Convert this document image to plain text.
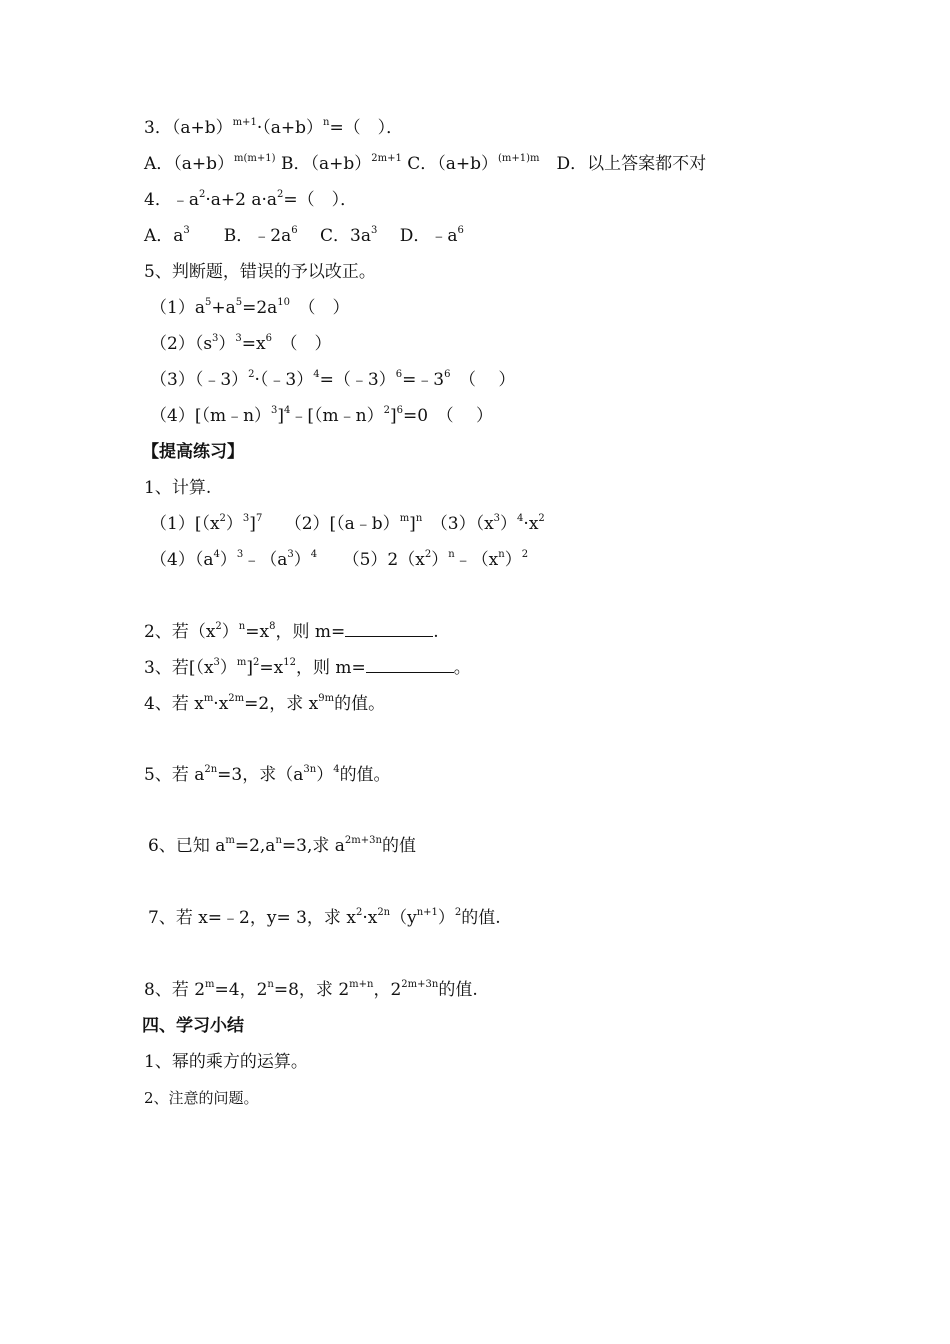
3．$(a+b)^{m+1}\cdot(a+b)^n=$（　）．
A．$(a+b)^{m(m+1)}$ B．$(a+b)^{2m+1}$ C．$(a+b)^{(m+1)m}$　D．以上答案都不对
4．$﹣a^2\cdot a+2$ $a\cdot a^2=$（　）．
A．$a^3$　　B．$﹣2a^6$　 C．$3a^3$　 D．$﹣a^6$
5、判断题，错误的予以改正。
$(1)a^5+a^5=2a^{10}$　（　）
$(2)(s^3)^3=x^6$　（　）
$(3)(﹣3)^2\cdot(﹣3)^4=(﹣3)^6=﹣3^6$　（　 ）
（4）[（m﹣n）$^3$]$^4$﹣[（m﹣n）$^2$]$^6$=0　（　 ）
【提高练习】
1、计算.
$(1)[(x^2)^3]^7$　 （2）[（a﹣b）$^m$]$^n$　$(3)(x^3)^4\cdot x^2$
$(4)(a^4)^3﹣(a^3)^4$　　$(5)2(x^2)^n﹣(x^n)^2$
2、若$(x^2)^n=x^8$，则 m=	.
3、若$[(x^3)^m]^2=x^{12}$，则 m=	。
4、若 $x^m\cdot x^{2m}=2$，求 $x^{9m}$的值。
5、若 $a^{2n}=3$，求$(a^{3n})^4$的值。
6、已知 $a^m=2,a^n=3$,求 $a^{2m+3n}$的值
7、若 x=﹣2，y= 3，求 $x^2\cdot x^{2n}(y^{n+1})^2$的值.
8、若 $2^m=4$，$2^n=8$，求 $2^{m+n}$，$2^{2m+3n}$的值.
四、学习小结
1、幂的乘方的运算。
2、注意的问题。
